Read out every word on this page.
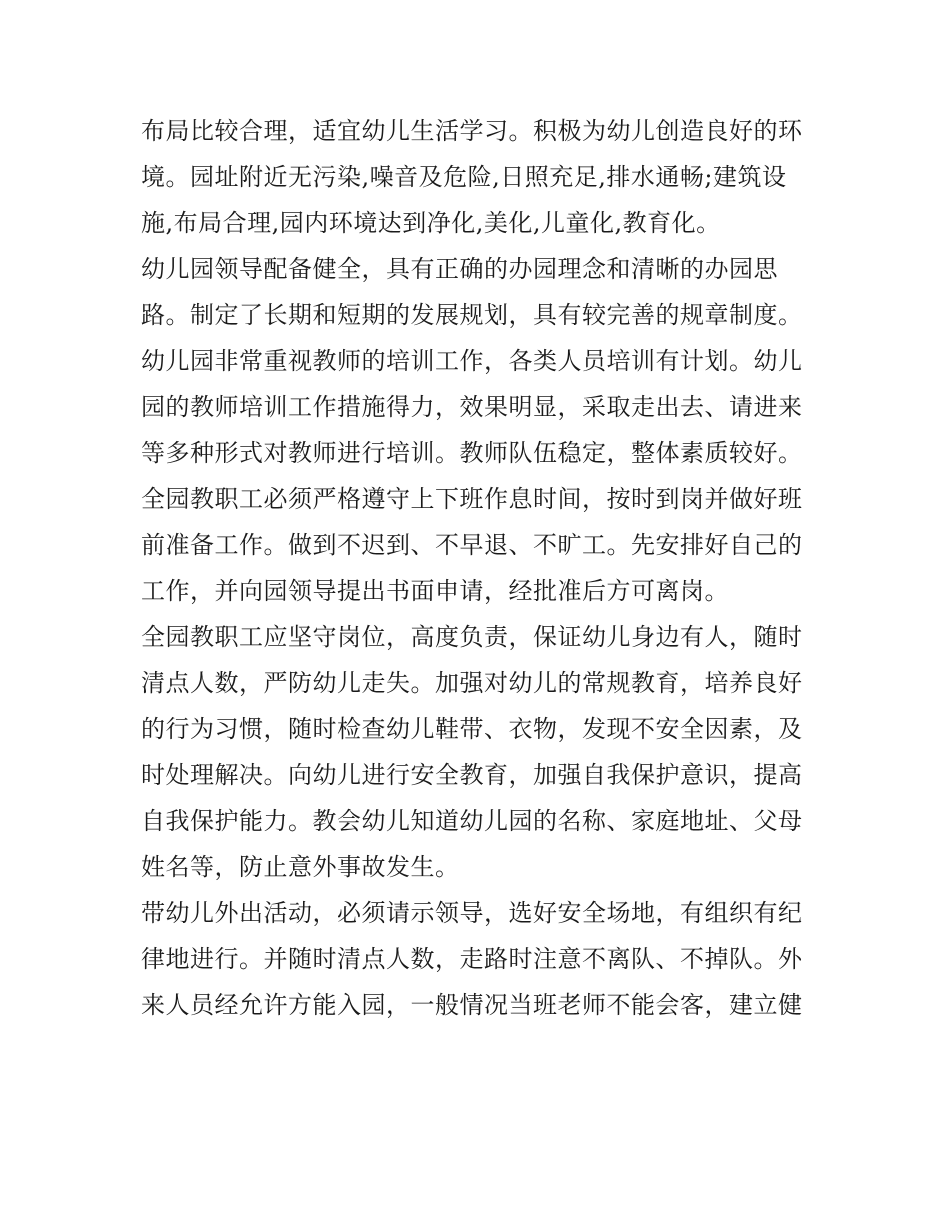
布局比较合理，适宜幼儿生活学习。积极为幼儿创造良好的环
境。园址附近无污染,噪音及危险,日照充足,排水通畅;建筑设
施,布局合理,园内环境达到净化,美化,儿童化,教育化。
幼儿园领导配备健全，具有正确的办园理念和清晰的办园思
路。制定了长期和短期的发展规划，具有较完善的规章制度。
幼儿园非常重视教师的培训工作，各类人员培训有计划。幼儿
园的教师培训工作措施得力，效果明显，采取走出去、请进来
等多种形式对教师进行培训。教师队伍稳定，整体素质较好。
全园教职工必须严格遵守上下班作息时间，按时到岗并做好班
前准备工作。做到不迟到、不早退、不旷工。先安排好自己的
工作，并向园领导提出书面申请，经批准后方可离岗。
全园教职工应坚守岗位，高度负责，保证幼儿身边有人，随时
清点人数，严防幼儿走失。加强对幼儿的常规教育，培养良好
的行为习惯，随时检查幼儿鞋带、衣物，发现不安全因素，及
时处理解决。向幼儿进行安全教育，加强自我保护意识，提高
自我保护能力。教会幼儿知道幼儿园的名称、家庭地址、父母
姓名等，防止意外事故发生。
带幼儿外出活动，必须请示领导，选好安全场地，有组织有纪
律地进行。并随时清点人数，走路时注意不离队、不掉队。外
来人员经允许方能入园，一般情况当班老师不能会客，建立健
